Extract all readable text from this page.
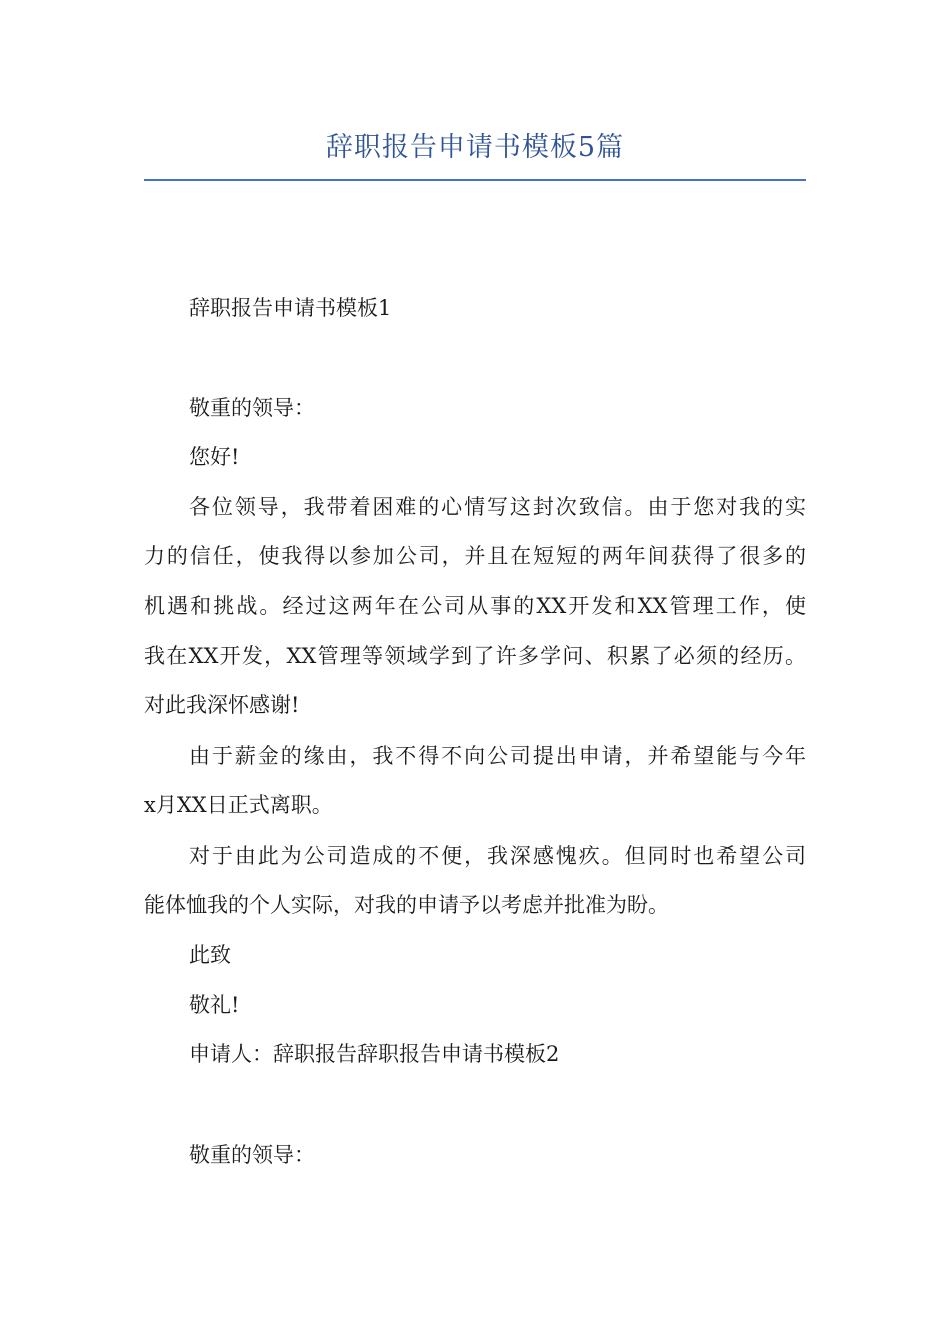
辞职报告申请书模板5篇

辞职报告申请书模板1

敬重的领导：

您好!

各位领导，我带着困难的心情写这封次致信。由于您对我的实

力的信任，使我得以参加公司，并且在短短的两年间获得了很多的

机遇和挑战。经过这两年在公司从事的XX开发和XX管理工作，使

我在XX开发，XX管理等领域学到了许多学问、积累了必须的经历。

对此我深怀感谢!

由于薪金的缘由，我不得不向公司提出申请，并希望能与今年

x月XX日正式离职。

对于由此为公司造成的不便，我深感愧疚。但同时也希望公司

能体恤我的个人实际，对我的申请予以考虑并批准为盼。

此致

敬礼!

申请人：辞职报告辞职报告申请书模板2

敬重的领导：
